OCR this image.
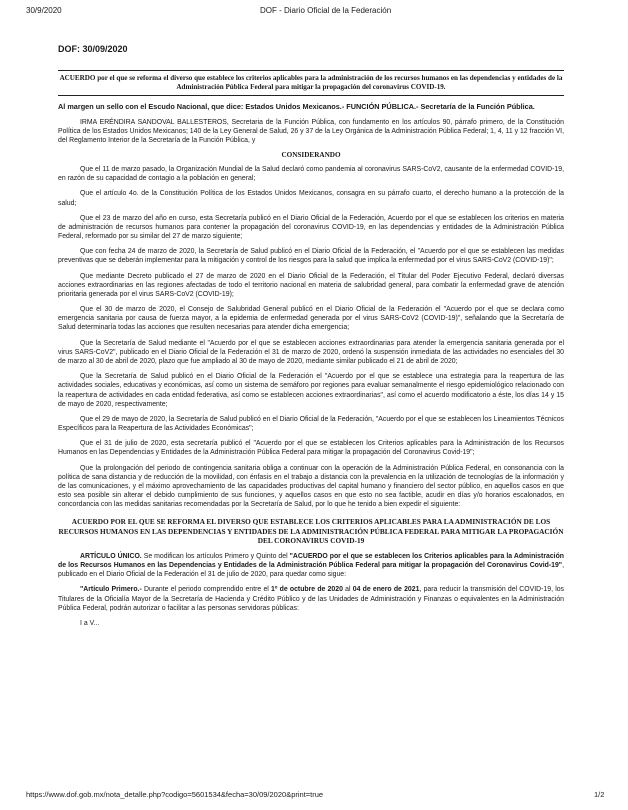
30/9/2020	DOF - Diario Oficial de la Federación
DOF: 30/09/2020
ACUERDO por el que se reforma el diverso que establece los criterios aplicables para la administración de los recursos humanos en las dependencias y entidades de la Administración Pública Federal para mitigar la propagación del coronavirus COVID-19.
Al margen un sello con el Escudo Nacional, que dice: Estados Unidos Mexicanos.- FUNCIÓN PÚBLICA.- Secretaría de la Función Pública.

IRMA ERÉNDIRA SANDOVAL BALLESTEROS, Secretaria de la Función Pública, con fundamento en los artículos 90, párrafo primero, de la Constitución Política de los Estados Unidos Mexicanos; 140 de la Ley General de Salud, 26 y 37 de la Ley Orgánica de la Administración Pública Federal; 1, 4, 11 y 12 fracción VI, del Reglamento Interior de la Secretaría de la Función Pública, y

CONSIDERANDO

Que el 11 de marzo pasado, la Organización Mundial de la Salud declaró como pandemia al coronavirus SARS-CoV2, causante de la enfermedad COVID-19, en razón de su capacidad de contagio a la población en general;

Que el artículo 4o. de la Constitución Política de los Estados Unidos Mexicanos, consagra en su párrafo cuarto, el derecho humano a la protección de la salud;

Que el 23 de marzo del año en curso, esta Secretaría publicó en el Diario Oficial de la Federación, Acuerdo por el que se establecen los criterios en materia de administración de recursos humanos para contener la propagación del coronavirus COVID-19, en las dependencias y entidades de la Administración Pública Federal, reformado por su similar del 27 de marzo siguiente;

Que con fecha 24 de marzo de 2020, la Secretaría de Salud publicó en el Diario Oficial de la Federación, el "Acuerdo por el que se establecen las medidas preventivas que se deberán implementar para la mitigación y control de los riesgos para la salud que implica la enfermedad por el virus SARS-CoV2 (COVID-19)";

Que mediante Decreto publicado el 27 de marzo de 2020 en el Diario Oficial de la Federación, el Titular del Poder Ejecutivo Federal, declaró diversas acciones extraordinarias en las regiones afectadas de todo el territorio nacional en materia de salubridad general, para combatir la enfermedad grave de atención prioritaria generada por el virus SARS-CoV2 (COVID-19);

Que el 30 de marzo de 2020, el Consejo de Salubridad General publicó en el Diario Oficial de la Federación el "Acuerdo por el que se declara como emergencia sanitaria por causa de fuerza mayor, a la epidemia de enfermedad generada por el virus SARS-CoV2 (COVID-19)", señalando que la Secretaría de Salud determinaría todas las acciones que resulten necesarias para atender dicha emergencia;

Que la Secretaría de Salud mediante el "Acuerdo por el que se establecen acciones extraordinarias para atender la emergencia sanitaria generada por el virus SARS-CoV2", publicado en el Diario Oficial de la Federación el 31 de marzo de 2020, ordenó la suspensión inmediata de las actividades no esenciales del 30 de marzo al 30 de abril de 2020, plazo que fue ampliado al 30 de mayo de 2020, mediante similar publicado el 21 de abril de 2020;

Que la Secretaría de Salud publicó en el Diario Oficial de la Federación el "Acuerdo por el que se establece una estrategia para la reapertura de las actividades sociales, educativas y económicas, así como un sistema de semáforo por regiones para evaluar semanalmente el riesgo epidemiológico relacionado con la reapertura de actividades en cada entidad federativa, así como se establecen acciones extraordinarias", así como el acuerdo modificatorio a éste, los días 14 y 15 de mayo de 2020, respectivamente;

Que el 29 de mayo de 2020, la Secretaría de Salud publicó en el Diario Oficial de la Federación, "Acuerdo por el que se establecen los Lineamientos Técnicos Específicos para la Reapertura de las Actividades Económicas";

Que el 31 de julio de 2020, esta secretaría publicó el "Acuerdo por el que se establecen los Criterios aplicables para la Administración de los Recursos Humanos en las Dependencias y Entidades de la Administración Pública Federal para mitigar la propagación del Coronavirus Covid-19";

Que la prolongación del periodo de contingencia sanitaria obliga a continuar con la operación de la Administración Pública Federal, en consonancia con la política de sana distancia y de reducción de la movilidad, con énfasis en el trabajo a distancia con la prevalencia en la utilización de tecnologías de la información y de las comunicaciones, y el máximo aprovechamiento de las capacidades productivas del capital humano y financiero del sector público, en aquellos casos en que esto sea posible sin alterar el debido cumplimiento de sus funciones, y aquellos casos en que esto no sea factible, acudir en días y/o horarios escalonados, en concordancia con las medidas sanitarias recomendadas por la Secretaría de Salud, por lo que he tenido a bien expedir el siguiente:

ACUERDO POR EL QUE SE REFORMA EL DIVERSO QUE ESTABLECE LOS CRITERIOS APLICABLES PARA LA ADMINISTRACIÓN DE LOS RECURSOS HUMANOS EN LAS DEPENDENCIAS Y ENTIDADES DE LA ADMINISTRACIÓN PÚBLICA FEDERAL PARA MITIGAR LA PROPAGACIÓN DEL CORONAVIRUS COVID-19

ARTÍCULO ÚNICO. Se modifican los artículos Primero y Quinto del "ACUERDO por el que se establecen los Criterios aplicables para la Administración de los Recursos Humanos en las Dependencias y Entidades de la Administración Pública Federal para mitigar la propagación del Coronavirus Covid-19", publicado en el Diario Oficial de la Federación el 31 de julio de 2020, para quedar como sigue:

"Artículo Primero.- Durante el periodo comprendido entre el 1º de octubre de 2020 al 04 de enero de 2021, para reducir la transmisión del COVID-19, los Titulares de la Oficialía Mayor de la Secretaría de Hacienda y Crédito Público y de las Unidades de Administración y Finanzas o equivalentes en la Administración Pública Federal, podrán autorizar o facilitar a las personas servidoras públicas:

I a V...

https://www.dof.gob.mx/nota_detalle.php?codigo=5601534&fecha=30/09/2020&print=true	1/2
